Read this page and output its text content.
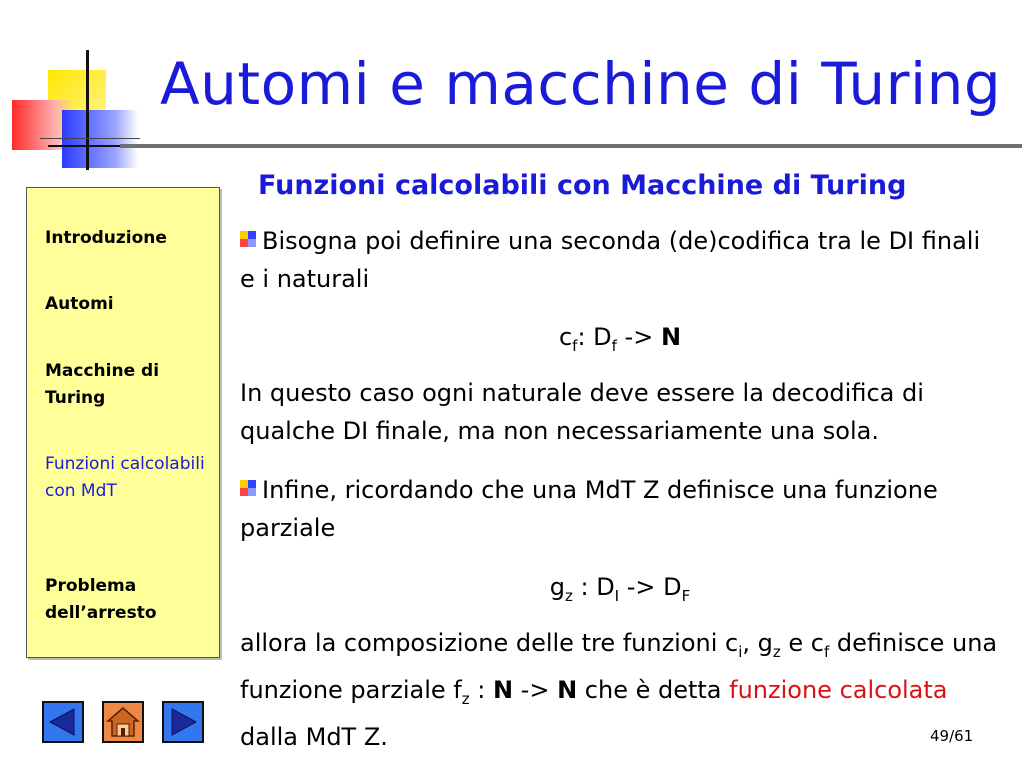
Automi e macchine di Turing
Funzioni calcolabili con Macchine di Turing
Introduzione
Automi
Macchine di Turing
Funzioni calcolabili con MdT
Problema dell’arresto

Bisogna poi definire una seconda (de)codifica tra le DI finali e i naturali

$c_f$: $D_f -> N$

In questo caso ogni naturale deve essere la decodifica di qualche DI finale, ma non necessariamente una sola.

Infine, ricordando che una MdT Z definisce una funzione parziale

$g_z$ : $D_I -> D_F$

allora la composizione delle tre funzioni $c_i$, $g_z$ e $c_f$ definisce una funzione parziale $f_z$ : N -> N che è detta funzione calcolata dalla MdT Z.	49/61
